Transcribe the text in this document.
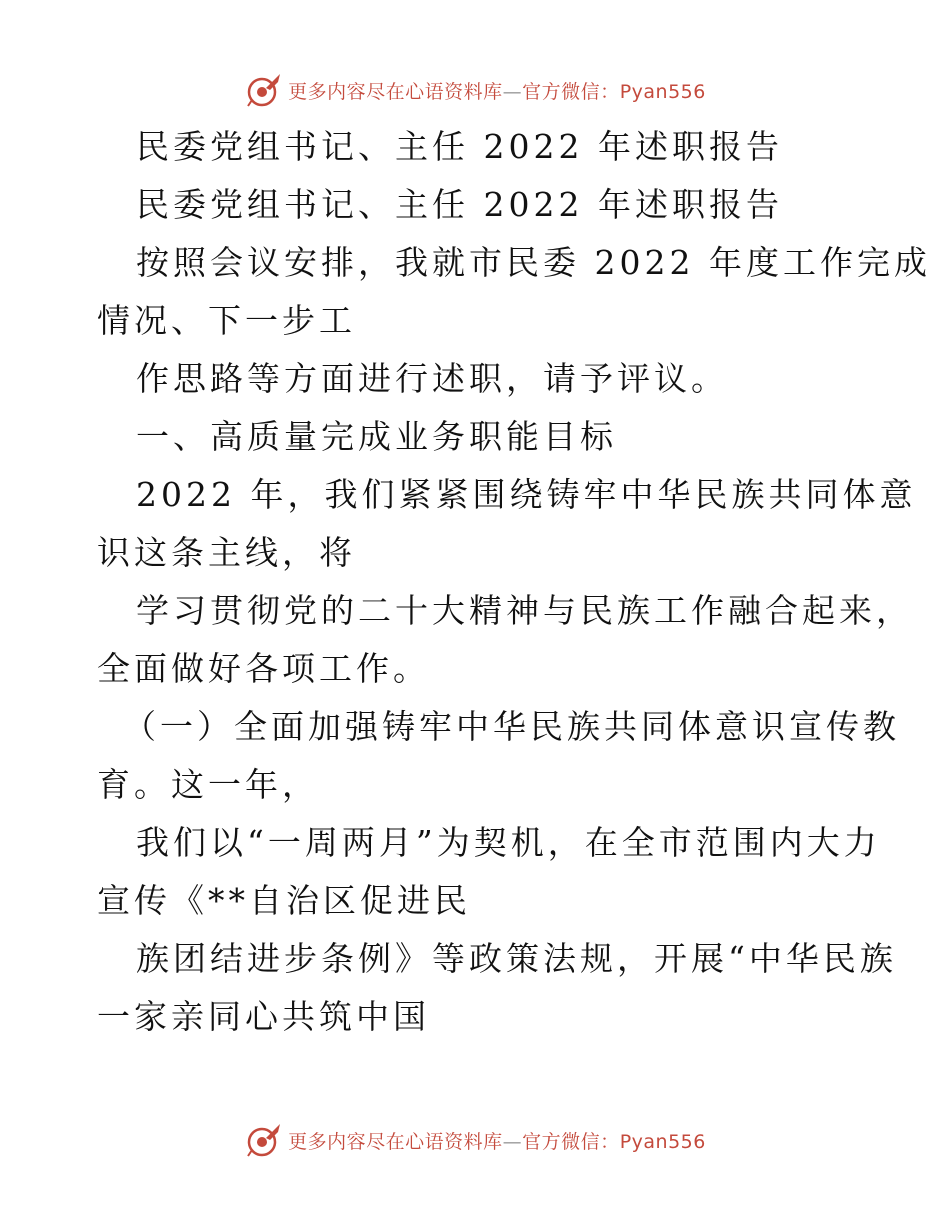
更多内容尽在心语资料库—官方微信：Pyan556
民委党组书记、主任 2022 年述职报告
民委党组书记、主任 2022 年述职报告
按照会议安排，我就市民委 2022 年度工作完成
情况、下一步工
作思路等方面进行述职，请予评议。
一、高质量完成业务职能目标
2022 年，我们紧紧围绕铸牢中华民族共同体意
识这条主线，将
学习贯彻党的二十大精神与民族工作融合起来，
全面做好各项工作。
（一）全面加强铸牢中华民族共同体意识宣传教
育。这一年，
我们以“一周两月”为契机，在全市范围内大力
宣传《**自治区促进民
族团结进步条例》等政策法规，开展“中华民族
一家亲同心共筑中国
更多内容尽在心语资料库—官方微信：Pyan556
